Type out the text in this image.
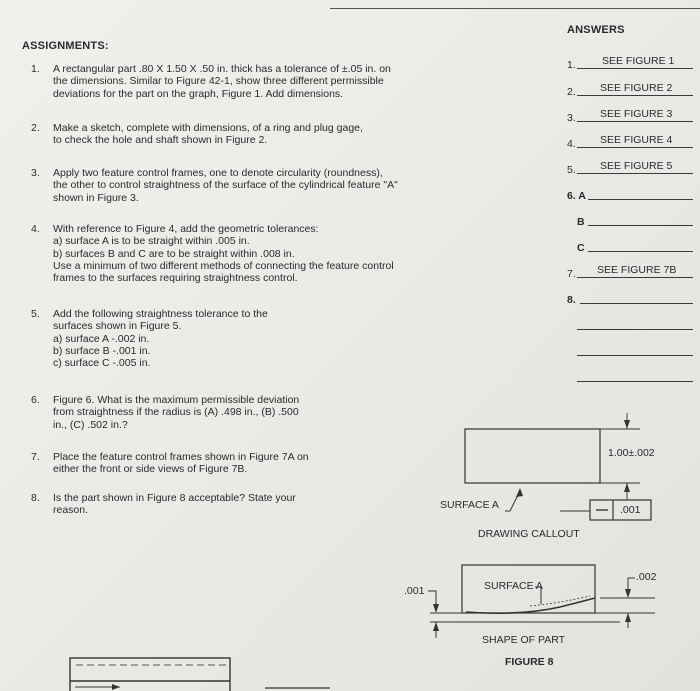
ASSIGNMENTS:
1. A rectangular part .80 X 1.50 X .50 in. thick has a tolerance of ±.05 in. on
the dimensions. Similar to Figure 42-1, show three different permissible
deviations for the part on the graph, Figure 1. Add dimensions.
2. Make a sketch, complete with dimensions, of a ring and plug gage,
to check the hole and shaft shown in Figure 2.
3. Apply two feature control frames, one to denote circularity (roundness),
the other to control straightness of the surface of the cylindrical feature "A"
shown in Figure 3.
4. With reference to Figure 4, add the geometric tolerances:
a) surface A is to be straight within .005 in.
b) surfaces B and C are to be straight within .008 in.
Use a minimum of two different methods of connecting the feature control
frames to the surfaces requiring straightness control.
5. Add the following straightness tolerance to the
surfaces shown in Figure 5.
a) surface A -.002 in.
b) surface B -.001 in.
c) surface C -.005 in.
6. Figure 6. What is the maximum permissible deviation
from straightness if the radius is (A) .498 in., (B) .500
in., (C) .502 in.?
7. Place the feature control frames shown in Figure 7A on
either the front or side views of Figure 7B.
8. Is the part shown in Figure 8 acceptable? State your
reason.
ANSWERS
1. SEE FIGURE 1
2. SEE FIGURE 2
3. SEE FIGURE 3
4. SEE FIGURE 4
5. SEE FIGURE 5
6. A
B
C
7. SEE FIGURE 7B
8.
1.00±.002
SURFACE A	.001
DRAWING CALLOUT
SURFACE A
.001
.002
SHAPE OF PART
FIGURE 8
